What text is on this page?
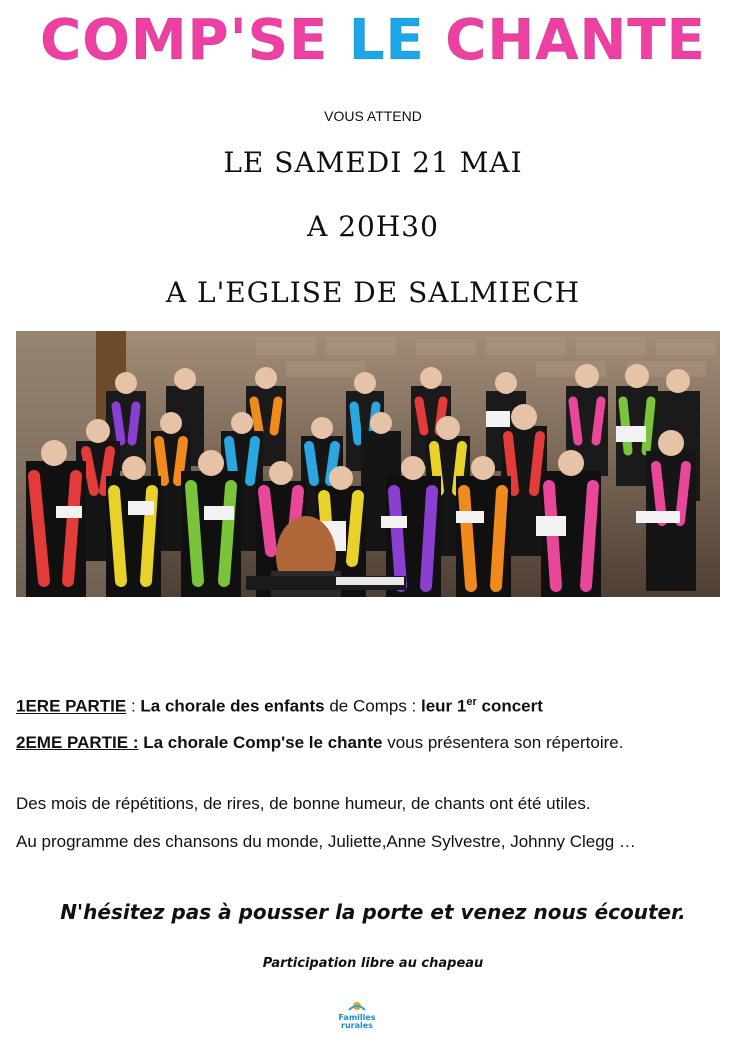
COMP'SE LE CHANTE
VOUS ATTEND
LE SAMEDI 21 MAI
A 20H30
A L'EGLISE DE SALMIECH
1ERE PARTIE : La chorale des enfants de Comps : leur 1er concert
2EME PARTIE : La chorale Comp'se le chante vous présentera son répertoire.
Des mois de répétitions, de rires, de bonne humeur, de chants ont été utiles.
Au programme des chansons du monde, Juliette,Anne Sylvestre, Johnny Clegg …
N'hésitez pas à pousser la porte et venez nous écouter.
Participation libre au chapeau
Familles
rurales
